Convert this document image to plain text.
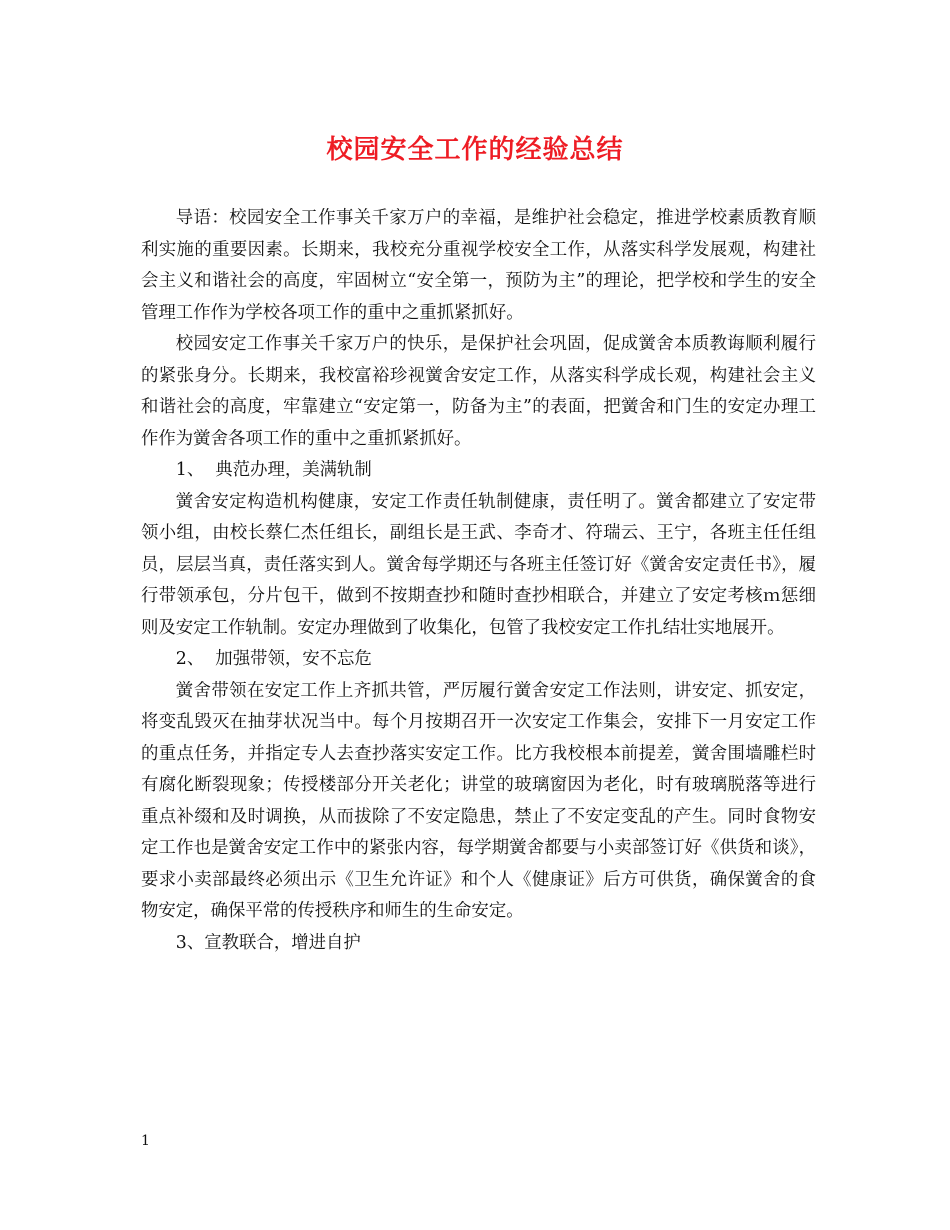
校园安全工作的经验总结

导语：校园安全工作事关千家万户的幸福，是维护社会稳定，推进学校素质教育顺利实施的重要因素。长期来，我校充分重视学校安全工作，从落实科学发展观，构建社会主义和谐社会的高度，牢固树立“安全第一，预防为主”的理论，把学校和学生的安全管理工作作为学校各项工作的重中之重抓紧抓好。

校园安定工作事关千家万户的快乐，是保护社会巩固，促成黉舍本质教诲顺利履行的紧张身分。长期来，我校富裕珍视黉舍安定工作，从落实科学成长观，构建社会主义和谐社会的高度，牢靠建立“安定第一，防备为主”的表面，把黉舍和门生的安定办理工作作为黉舍各项工作的重中之重抓紧抓好。

1、  典范办理，美满轨制

黉舍安定构造机构健康，安定工作责任轨制健康，责任明了。黉舍都建立了安定带领小组，由校长蔡仁杰任组长，副组长是王武、李奇才、符瑞云、王宁，各班主任任组员，层层当真，责任落实到人。黉舍每学期还与各班主任签订好《黉舍安定责任书》，履行带领承包，分片包干，做到不按期查抄和随时查抄相联合，并建立了安定考核ｍ惩细则及安定工作轨制。安定办理做到了收集化，包管了我校安定工作扎结壮实地展开。

2、  加强带领，安不忘危

黉舍带领在安定工作上齐抓共管，严厉履行黉舍安定工作法则，讲安定、抓安定，将变乱毁灭在抽芽状况当中。每个月按期召开一次安定工作集会，安排下一月安定工作的重点任务，并指定专人去查抄落实安定工作。比方我校根本前提差，黉舍围墙雕栏时有腐化断裂现象；传授楼部分开关老化；讲堂的玻璃窗因为老化，时有玻璃脱落等进行重点补缀和及时调换，从而拔除了不安定隐患，禁止了不安定变乱的产生。同时食物安定工作也是黉舍安定工作中的紧张内容，每学期黉舍都要与小卖部签订好《供货和谈》，要求小卖部最终必须出示《卫生允许证》和个人《健康证》后方可供货，确保黉舍的食物安定，确保平常的传授秩序和师生的生命安定。

3、宣教联合，增进自护

1
